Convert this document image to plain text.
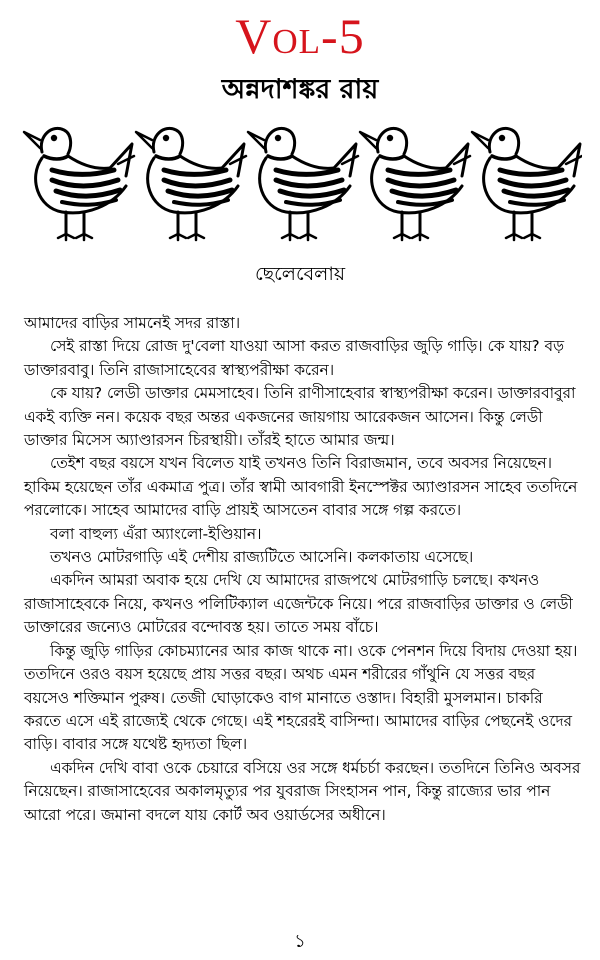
Vol-5
অন্নদাশঙ্কর রায়
ছেলেবেলায়

আমাদের বাড়ির সামনেই সদর রাস্তা।

সেই রাস্তা দিয়ে রোজ দু'বেলা যাওয়া আসা করত রাজবাড়ির জুড়ি গাড়ি। কে যায়? বড় ডাক্তারবাবু। তিনি রাজাসাহেবের স্বাস্থ্যপরীক্ষা করেন।

কে যায়? লেডী ডাক্তার মেমসাহেব। তিনি রাণীসাহেবার স্বাস্থ্যপরীক্ষা করেন। ডাক্তারবাবুরা একই ব্যক্তি নন। কয়েক বছর অন্তর একজনের জায়গায় আরেকজন আসেন। কিন্তু লেডী ডাক্তার মিসেস অ্যাণ্ডারসন চিরস্থায়ী। তাঁরই হাতে আমার জন্ম।

তেইশ বছর বয়সে যখন বিলেত যাই তখনও তিনি বিরাজমান, তবে অবসর নিয়েছেন। হাকিম হয়েছেন তাঁর একমাত্র পুত্র। তাঁর স্বামী আবগারী ইনস্পেক্টর অ্যাণ্ডারসন সাহেব ততদিনে পরলোকে। সাহেব আমাদের বাড়ি প্রায়ই আসতেন বাবার সঙ্গে গল্প করতে।

বলা বাহুল্য এঁরা অ্যাংলো-ইণ্ডিয়ান।

তখনও মোটরগাড়ি এই দেশীয় রাজ্যটিতে আসেনি। কলকাতায় এসেছে।

একদিন আমরা অবাক হয়ে দেখি যে আমাদের রাজপথে মোটরগাড়ি চলছে। কখনও রাজাসাহেবকে নিয়ে, কখনও পলিটিক্যাল এজেন্টকে নিয়ে। পরে রাজবাড়ির ডাক্তার ও লেডী ডাক্তারের জন্যেও মোটরের বন্দোবস্ত হয়। তাতে সময় বাঁচে।

কিন্তু জুড়ি গাড়ির কোচম্যানের আর কাজ থাকে না। ওকে পেনশন দিয়ে বিদায় দেওয়া হয়। ততদিনে ওরও বয়স হয়েছে প্রায় সত্তর বছর। অথচ এমন শরীরের গাঁথুনি যে সত্তর বছর বয়সেও শক্তিমান পুরুষ। তেজী ঘোড়াকেও বাগ মানাতে ওস্তাদ। বিহারী মুসলমান। চাকরি করতে এসে এই রাজ্যেই থেকে গেছে। এই শহরেরই বাসিন্দা। আমাদের বাড়ির পেছনেই ওদের বাড়ি। বাবার সঙ্গে যথেষ্ট হৃদ্যতা ছিল।

একদিন দেখি বাবা ওকে চেয়ারে বসিয়ে ওর সঙ্গে ধর্মচর্চা করছেন। ততদিনে তিনিও অবসর নিয়েছেন। রাজাসাহেবের অকালমৃত্যুর পর যুবরাজ সিংহাসন পান, কিন্তু রাজ্যের ভার পান আরো পরে। জমানা বদলে যায় কোর্ট অব ওয়ার্ডসের অধীনে।

১
